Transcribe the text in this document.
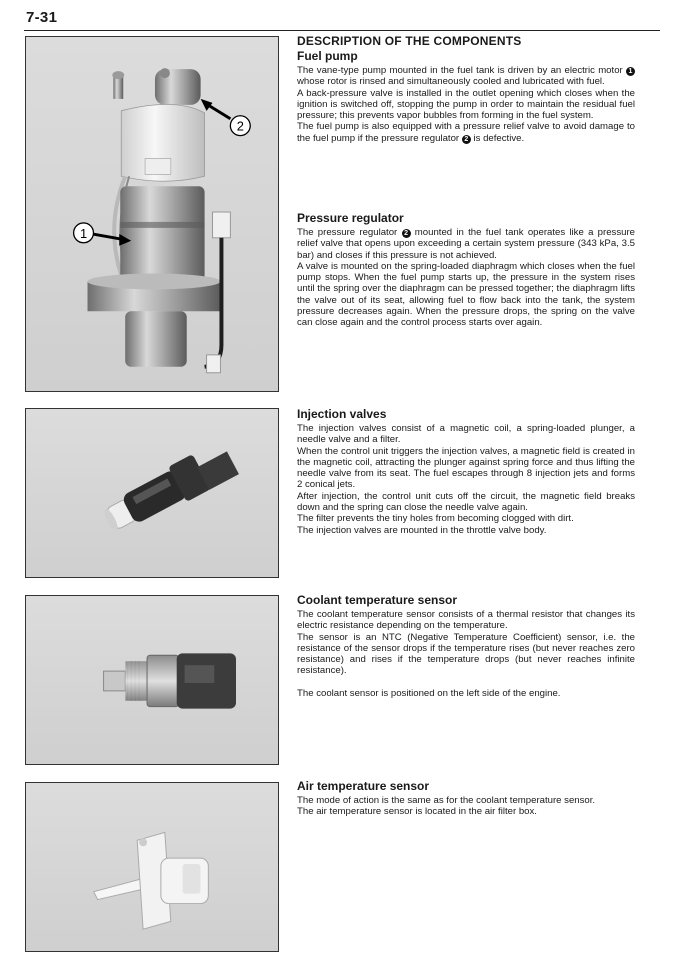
7-31
2
1
DESCRIPTION OF THE COMPONENTS
Fuel pump

The vane-type pump mounted in the fuel tank is driven by an electric motor 1 whose rotor is rinsed and simultaneously cooled and lubricated with fuel.

A back-pressure valve is installed in the outlet opening which closes when the ignition is switched off, stopping the pump in order to maintain the residual fuel pressure; this prevents vapor bubbles from forming in the fuel system.

The fuel pump is also equipped with a pressure relief valve to avoid damage to the fuel pump if the pressure regulator 2 is defective.

Pressure regulator

The pressure regulator 2 mounted in the fuel tank operates like a pressure relief valve that opens upon exceeding a certain system pressure (343 kPa, 3.5 bar) and closes if this pressure is not achieved.

A valve is mounted on the spring-loaded diaphragm which closes when the fuel pump stops. When the fuel pump starts up, the pressure in the system rises until the spring over the diaphragm can be pressed together; the diaphragm lifts the valve out of its seat, allowing fuel to flow back into the tank, the system pressure decreases again. When the pressure drops, the spring on the valve can close again and the control process starts over again.

Injection valves

The injection valves consist of a magnetic coil, a spring-loaded plunger, a needle valve and a filter.

When the control unit triggers the injection valves, a magnetic field is created in the magnetic coil, attracting the plunger against spring force and thus lifting the needle valve from its seat. The fuel escapes through 8 injection jets and forms 2 conical jets.

After injection, the control unit cuts off the circuit, the magnetic field breaks down and the spring can close the needle valve again.

The filter prevents the tiny holes from becoming clogged with dirt.

The injection valves are mounted in the throttle valve body.

Coolant temperature sensor

The coolant temperature sensor consists of a thermal resistor that changes its electric resistance depending on the temperature.

The sensor is an NTC (Negative Temperature Coefficient) sensor, i.e. the resistance of the sensor drops if the temperature rises (but never reaches zero resistance) and rises if the temperature drops (but never reaches infinite resistance).

The coolant sensor is positioned on the left side of the engine.

Air temperature sensor

The mode of action is the same as for the coolant temperature sensor.

The air temperature sensor is located in the air filter box.
